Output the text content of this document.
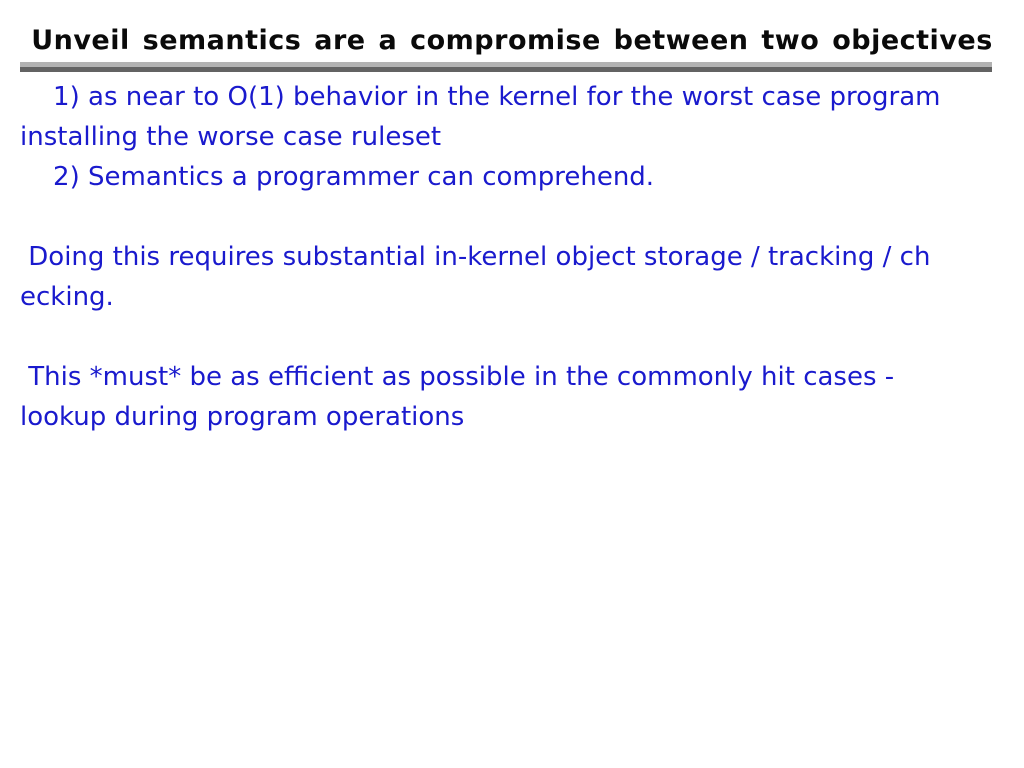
Unveil semantics are a compromise between two objectives
1) as near to O(1) behavior in the kernel for the worst case program
installing the worse case ruleset
2) Semantics a programmer can comprehend.
Doing this requires substantial in-kernel object storage / tracking / ch
ecking.
This *must* be as efficient as possible in the commonly hit cases -
lookup during program operations
